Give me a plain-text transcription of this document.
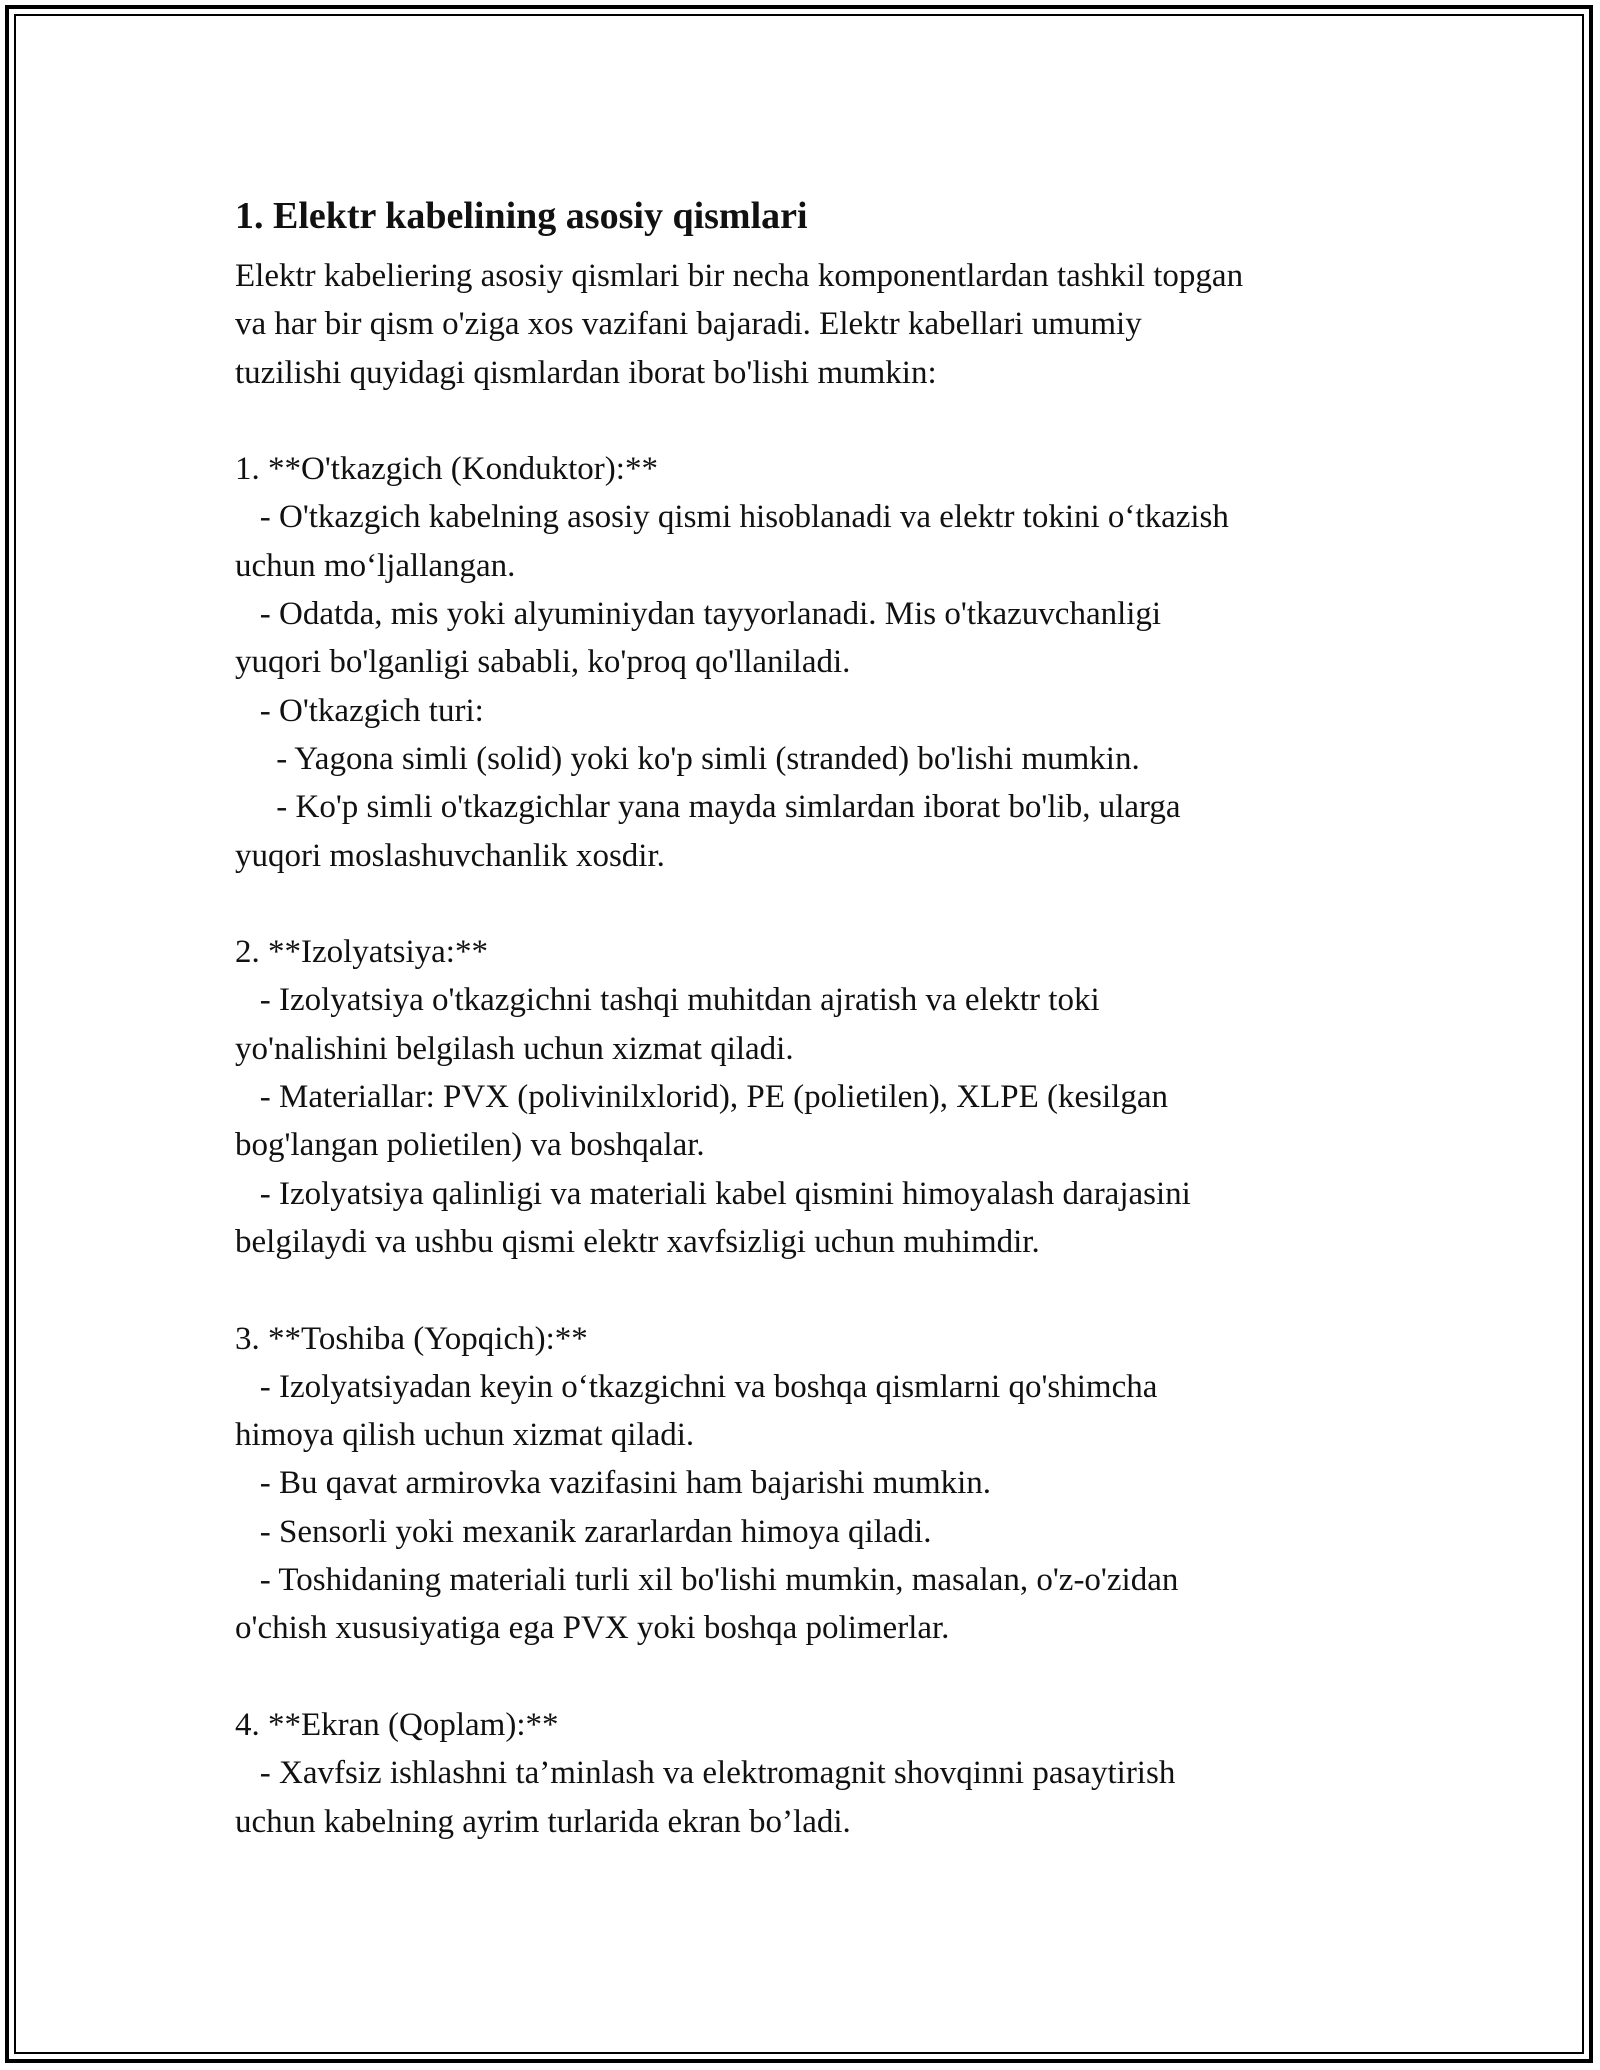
1. Elektr kabelining asosiy qismlari
Elektr kabeliering asosiy qismlari bir necha komponentlardan tashkil topgan
va har bir qism o'ziga xos vazifani bajaradi. Elektr kabellari umumiy
tuzilishi quyidagi qismlardan iborat bo'lishi mumkin:
1. **O'tkazgich (Konduktor):**
- O'tkazgich kabelning asosiy qismi hisoblanadi va elektr tokini o‘tkazish
uchun mo‘ljallangan.
- Odatda, mis yoki alyuminiydan tayyorlanadi. Mis o'tkazuvchanligi
yuqori bo'lganligi sababli, ko'proq qo'llaniladi.
- O'tkazgich turi:
- Yagona simli (solid) yoki ko'p simli (stranded) bo'lishi mumkin.
- Ko'p simli o'tkazgichlar yana mayda simlardan iborat bo'lib, ularga
yuqori moslashuvchanlik xosdir.
2. **Izolyatsiya:**
- Izolyatsiya o'tkazgichni tashqi muhitdan ajratish va elektr toki
yo'nalishini belgilash uchun xizmat qiladi.
- Materiallar: PVX (polivinilxlorid), PE (polietilen), XLPE (kesilgan
bog'langan polietilen) va boshqalar.
- Izolyatsiya qalinligi va materiali kabel qismini himoyalash darajasini
belgilaydi va ushbu qismi elektr xavfsizligi uchun muhimdir.
3. **Toshiba (Yopqich):**
- Izolyatsiyadan keyin o‘tkazgichni va boshqa qismlarni qo'shimcha
himoya qilish uchun xizmat qiladi.
- Bu qavat armirovka vazifasini ham bajarishi mumkin.
- Sensorli yoki mexanik zararlardan himoya qiladi.
- Toshidaning materiali turli xil bo'lishi mumkin, masalan, o'z-o'zidan
o'chish xususiyatiga ega PVX yoki boshqa polimerlar.
4. **Ekran (Qoplam):**
- Xavfsiz ishlashni ta’minlash va elektromagnit shovqinni pasaytirish
uchun kabelning ayrim turlarida ekran bo’ladi.
